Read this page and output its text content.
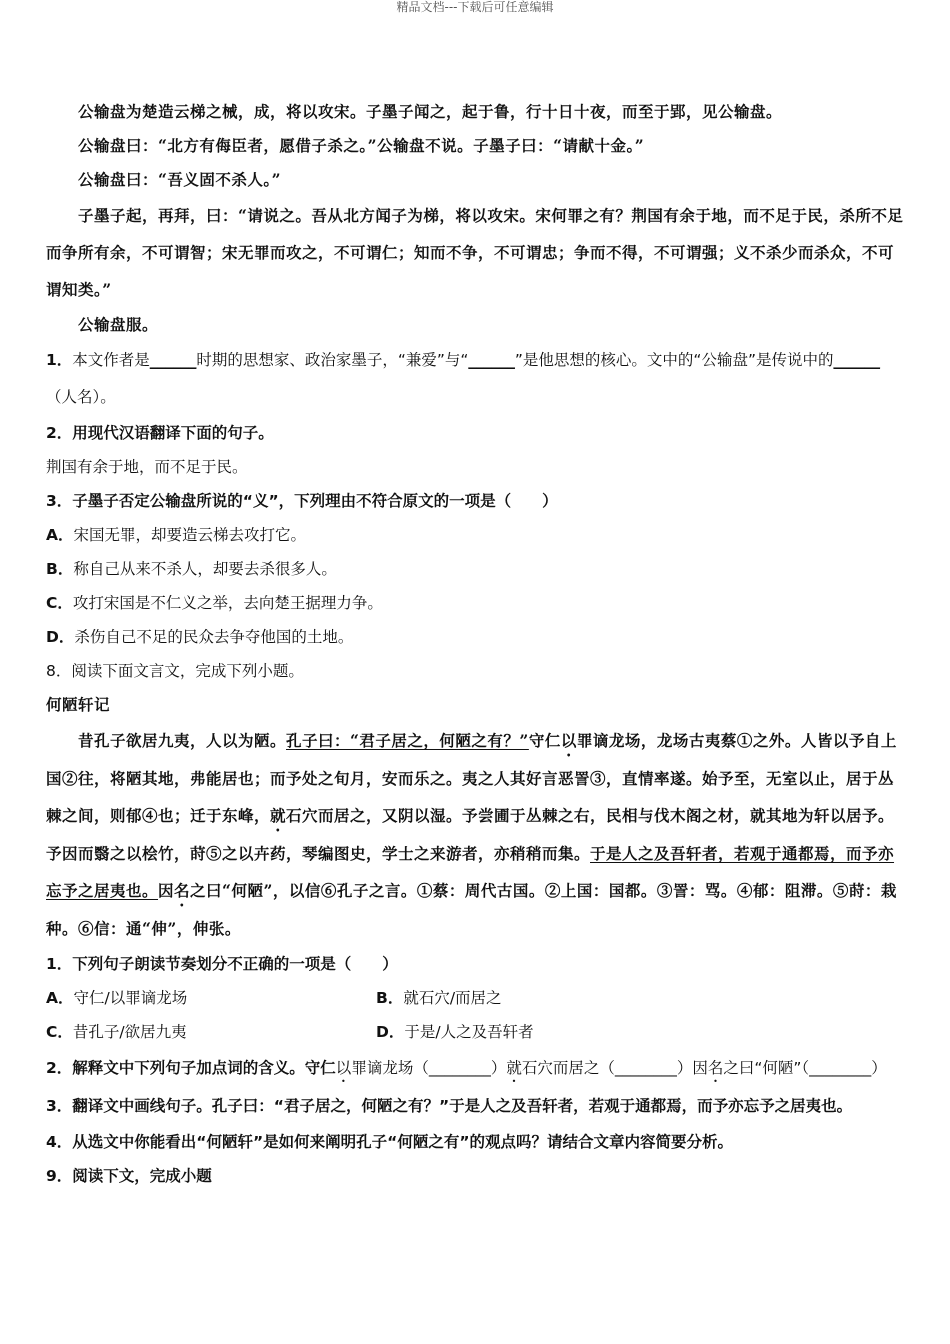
精品文档---下载后可任意编辑

公输盘为楚造云梯之械，成，将以攻宋。子墨子闻之，起于鲁，行十日十夜，而至于郢，见公输盘。

公输盘曰：“北方有侮臣者，愿借子杀之。”公输盘不说。子墨子曰：“请献十金。”

公输盘曰：“吾义固不杀人。”

子墨子起，再拜，曰：“请说之。吾从北方闻子为梯，将以攻宋。宋何罪之有？荆国有余于地，而不足于民，杀所不足而争所有余，不可谓智；宋无罪而攻之，不可谓仁；知而不争，不可谓忠；争而不得，不可谓强；义不杀少而杀众，不可谓知类。”

公输盘服。

1．本文作者是______时期的思想家、政治家墨子，“兼爱”与“______”是他思想的核心。文中的“公输盘”是传说中的______（人名）。

2．用现代汉语翻译下面的句子。

荆国有余于地，而不足于民。

3．子墨子否定公输盘所说的“义”，下列理由不符合原文的一项是（　　）

A．宋国无罪，却要造云梯去攻打它。

B．称自己从来不杀人，却要去杀很多人。

C．攻打宋国是不仁义之举，去向楚王据理力争。

D．杀伤自己不足的民众去争夺他国的土地。

8．阅读下面文言文，完成下列小题。

何陋轩记

昔孔子欲居九夷，人以为陋。孔子曰：“君子居之，何陋之有？”守仁以罪谪龙场，龙场古夷蔡①之外。人皆以予自上国②往，将陋其地，弗能居也；而予处之旬月，安而乐之。夷之人其好言恶詈③，直情率遂。始予至，无室以止，居于丛棘之间，则郁④也；迁于东峰，就石穴而居之，又阴以湿。予尝圃于丛棘之右，民相与伐木阁之材，就其地为轩以居予。予因而翳之以桧竹，莳⑤之以卉药，琴编图史，学士之来游者，亦稍稍而集。于是人之及吾轩者，若观于通都焉，而予亦忘予之居夷也。因名之曰“何陋”，以信⑥孔子之言。①蔡：周代古国。②上国：国都。③詈：骂。④郁：阻滞。⑤莳：栽种。⑥信：通“伸”，伸张。

1．下列句子朗读节奏划分不正确的一项是（　　）

A．守仁/以罪谪龙场	B．就石穴/而居之
C．昔孔子/欲居九夷	D．于是/人之及吾轩者

2．解释文中下列句子加点词的含义。守仁以罪谪龙场（________）就石穴而居之（________）因名之曰“何陋”（________）

3．翻译文中画线句子。孔子曰：“君子居之，何陋之有？”于是人之及吾轩者，若观于通都焉，而予亦忘予之居夷也。

4．从选文中你能看出“何陋轩”是如何来阐明孔子“何陋之有”的观点吗？请结合文章内容简要分析。

9．阅读下文，完成小题
